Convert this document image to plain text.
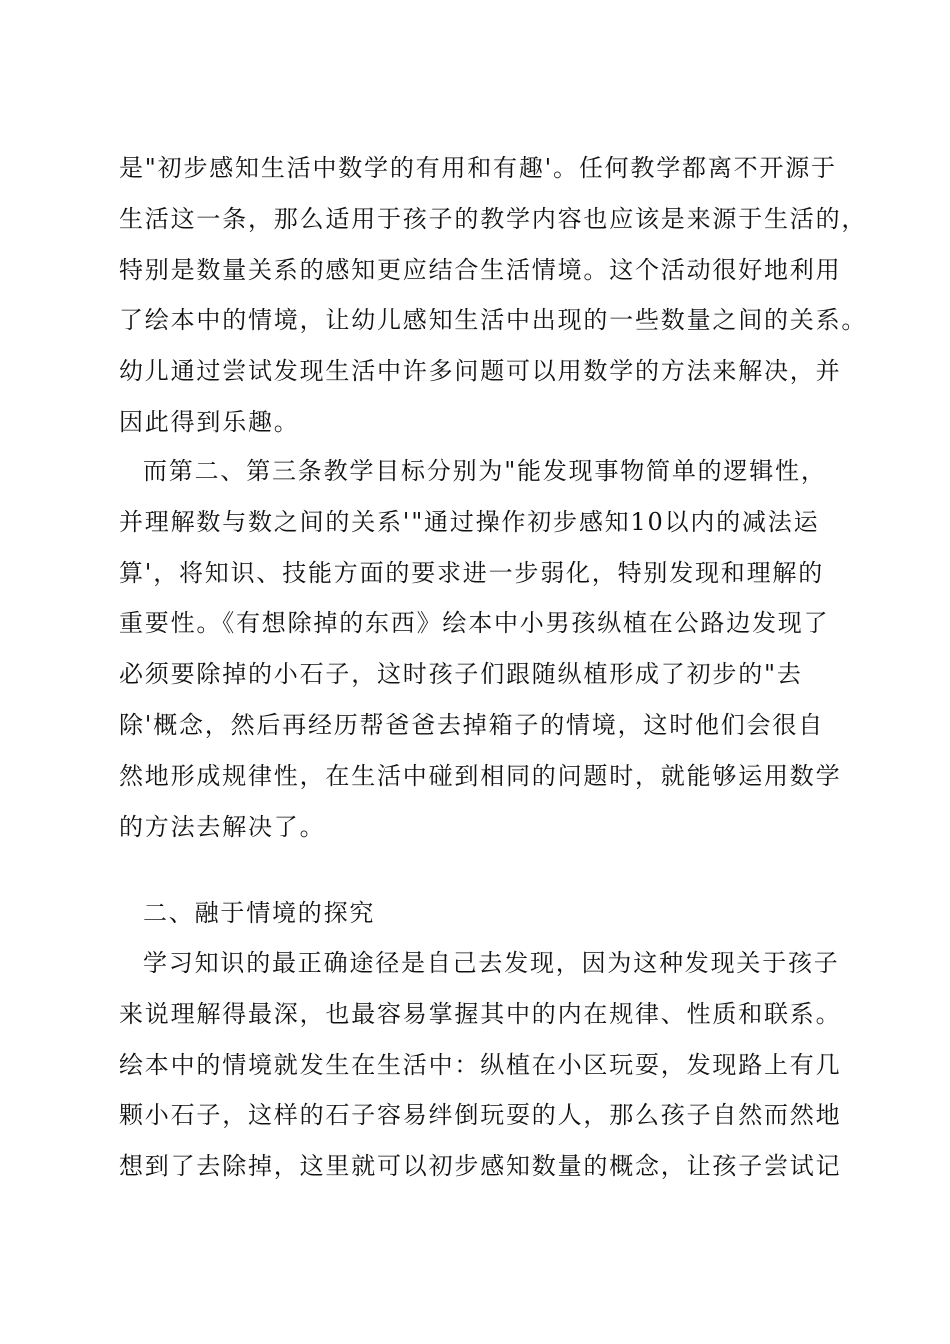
是"初步感知生活中数学的有用和有趣'。任何教学都离不开源于
生活这一条，那么适用于孩子的教学内容也应该是来源于生活的，
特别是数量关系的感知更应结合生活情境。这个活动很好地利用
了绘本中的情境，让幼儿感知生活中出现的一些数量之间的关系。
幼儿通过尝试发现生活中许多问题可以用数学的方法来解决，并
因此得到乐趣。
而第二、第三条教学目标分别为"能发现事物简单的逻辑性，
并理解数与数之间的关系'"通过操作初步感知10以内的减法运
算'，将知识、技能方面的要求进一步弱化，特别发现和理解的
重要性。《有想除掉的东西》绘本中小男孩纵植在公路边发现了
必须要除掉的小石子，这时孩子们跟随纵植形成了初步的"去
除'概念，然后再经历帮爸爸去掉箱子的情境，这时他们会很自
然地形成规律性，在生活中碰到相同的问题时，就能够运用数学
的方法去解决了。
二、融于情境的探究
学习知识的最正确途径是自己去发现，因为这种发现关于孩子
来说理解得最深，也最容易掌握其中的内在规律、性质和联系。
绘本中的情境就发生在生活中：纵植在小区玩耍，发现路上有几
颗小石子，这样的石子容易绊倒玩耍的人，那么孩子自然而然地
想到了去除掉，这里就可以初步感知数量的概念，让孩子尝试记
